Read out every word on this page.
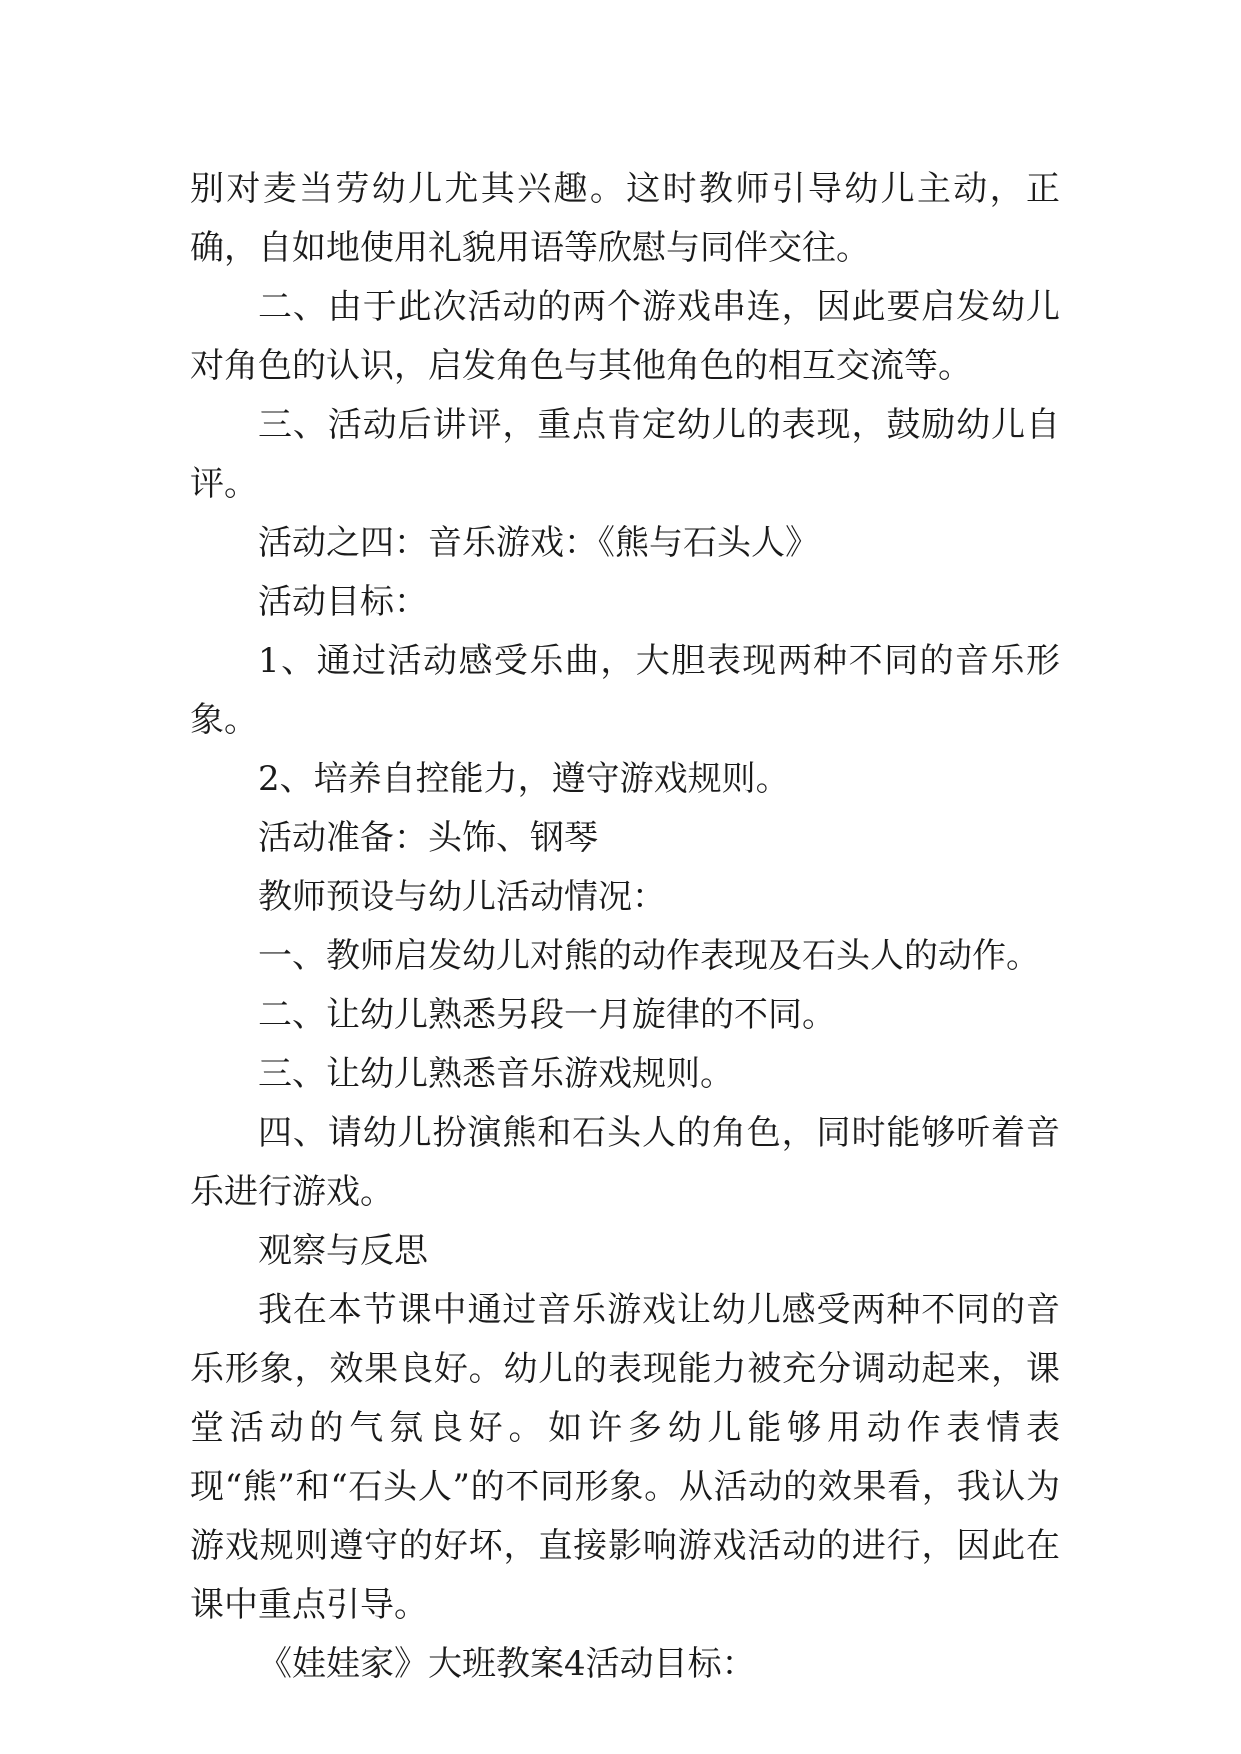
别对麦当劳幼儿尤其兴趣。这时教师引导幼儿主动，正确，自如地使用礼貌用语等欣慰与同伴交往。

二、由于此次活动的两个游戏串连，因此要启发幼儿对角色的认识，启发角色与其他角色的相互交流等。

三、活动后讲评，重点肯定幼儿的表现，鼓励幼儿自评。

活动之四：音乐游戏：《熊与石头人》

活动目标：

1、通过活动感受乐曲，大胆表现两种不同的音乐形象。

2、培养自控能力，遵守游戏规则。

活动准备：头饰、钢琴

教师预设与幼儿活动情况：

一、教师启发幼儿对熊的动作表现及石头人的动作。

二、让幼儿熟悉另段一月旋律的不同。

三、让幼儿熟悉音乐游戏规则。

四、请幼儿扮演熊和石头人的角色，同时能够听着音乐进行游戏。

观察与反思

我在本节课中通过音乐游戏让幼儿感受两种不同的音乐形象，效果良好。幼儿的表现能力被充分调动起来，课堂活动的气氛良好。如许多幼儿能够用动作表情表现“熊”和“石头人”的不同形象。从活动的效果看，我认为游戏规则遵守的好坏，直接影响游戏活动的进行，因此在课中重点引导。

《娃娃家》大班教案4活动目标：
